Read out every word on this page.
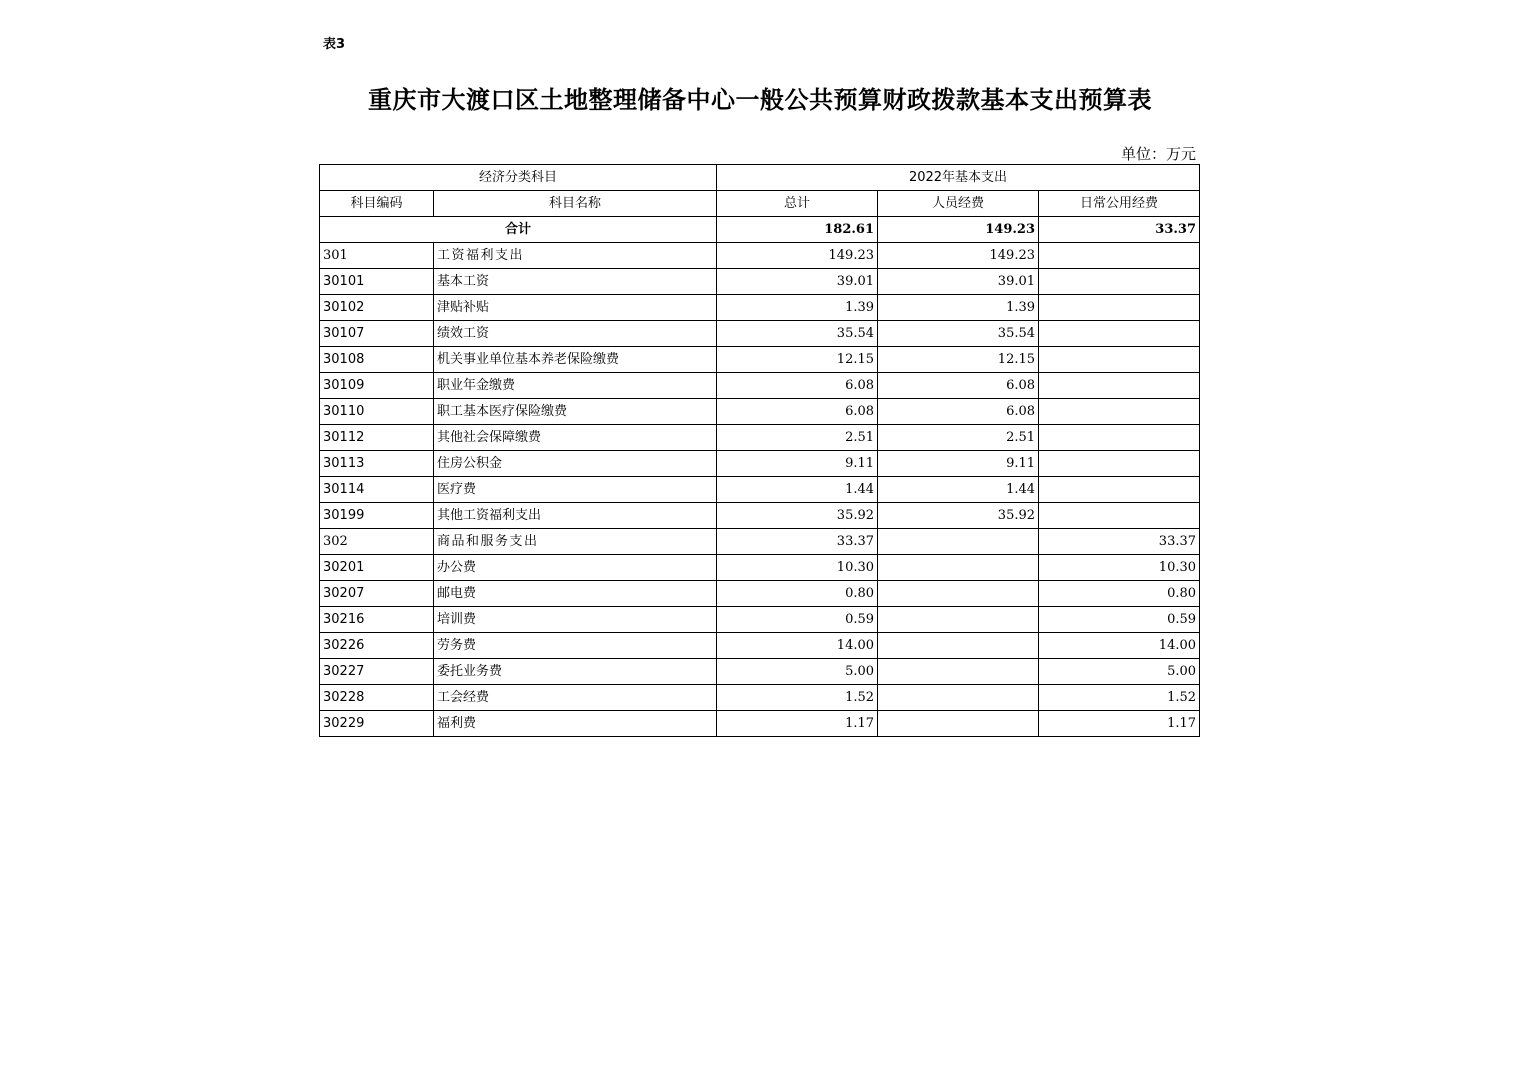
表3
重庆市大渡口区土地整理储备中心一般公共预算财政拨款基本支出预算表
单位：万元
经济分类科目		2022年基本支出		
科目编码	科目名称	总计	人员经费	日常公用经费
合计		182.61	149.23	33.37
301	工资福利支出	149.23	149.23	
30101	基本工资	39.01	39.01	
30102	津贴补贴	1.39	1.39	
30107	绩效工资	35.54	35.54	
30108	机关事业单位基本养老保险缴费	12.15	12.15	
30109	职业年金缴费	6.08	6.08	
30110	职工基本医疗保险缴费	6.08	6.08	
30112	其他社会保障缴费	2.51	2.51	
30113	住房公积金	9.11	9.11	
30114	医疗费	1.44	1.44	
30199	其他工资福利支出	35.92	35.92	
302	商品和服务支出	33.37		33.37
30201	办公费	10.30		10.30
30207	邮电费	0.80		0.80
30216	培训费	0.59		0.59
30226	劳务费	14.00		14.00
30227	委托业务费	5.00		5.00
30228	工会经费	1.52		1.52
30229	福利费	1.17		1.17
